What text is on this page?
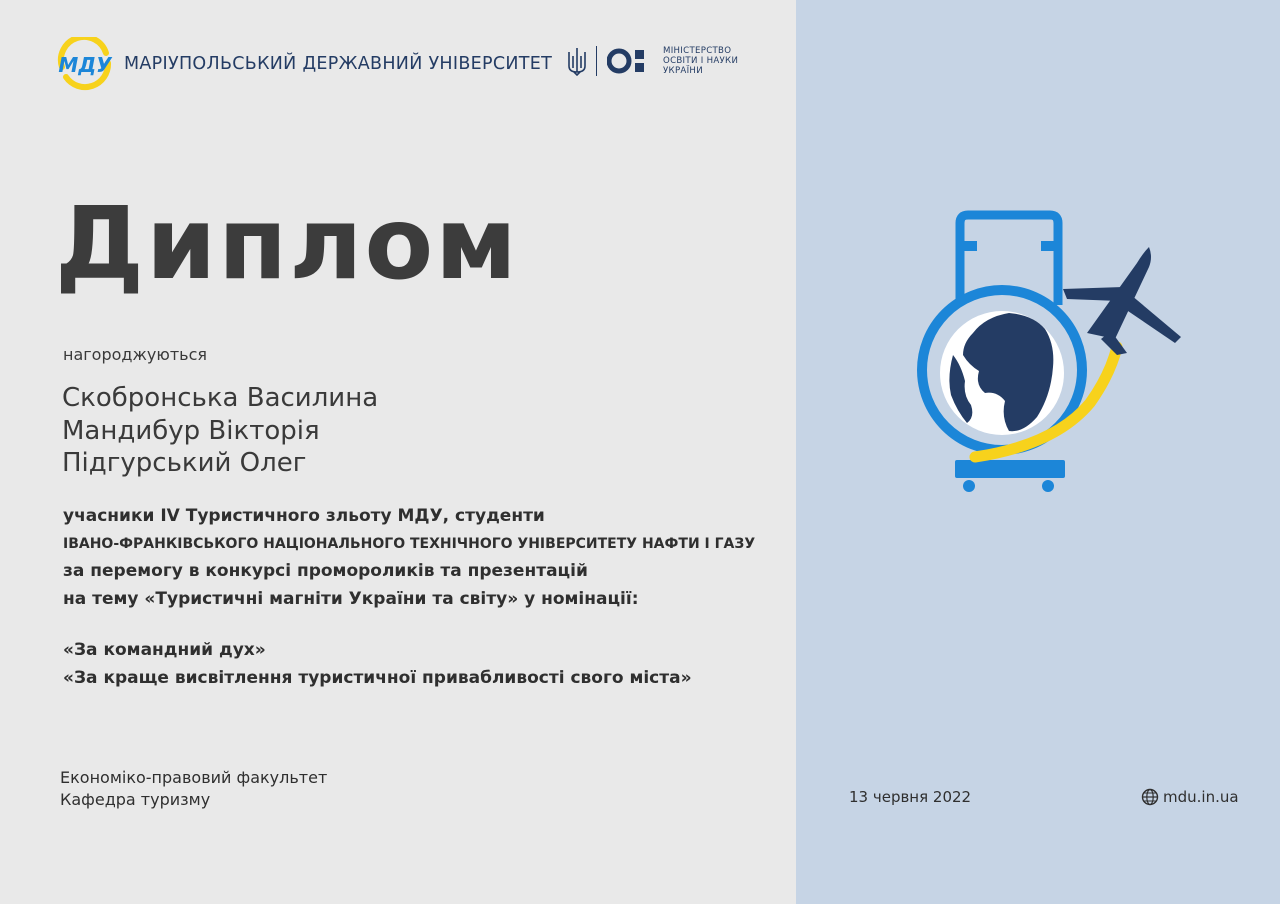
МДУ МАРІУПОЛЬСЬКИЙ ДЕРЖАВНИЙ УНІВЕРСИТЕТ
МІНІСТЕРСТВО
ОСВІТИ І НАУКИ
УКРАЇНИ
Диплом
нагороджуються
Скобронська Василина
Мандибур Вікторія
Підгурський Олег
учасники IV Туристичного зльоту МДУ, студенти
ІВАНО-ФРАНКІВСЬКОГО НАЦІОНАЛЬНОГО ТЕХНІЧНОГО УНІВЕРСИТЕТУ НАФТИ І ГАЗУ
за перемогу в конкурсі промороликів та презентацій
на тему «Туристичні магніти України та світу» у номінації:
«За командний дух»
«За краще висвітлення туристичної привабливості свого міста»
Економіко-правовий факультет
Кафедра туризму	13 червня 2022	mdu.in.ua
